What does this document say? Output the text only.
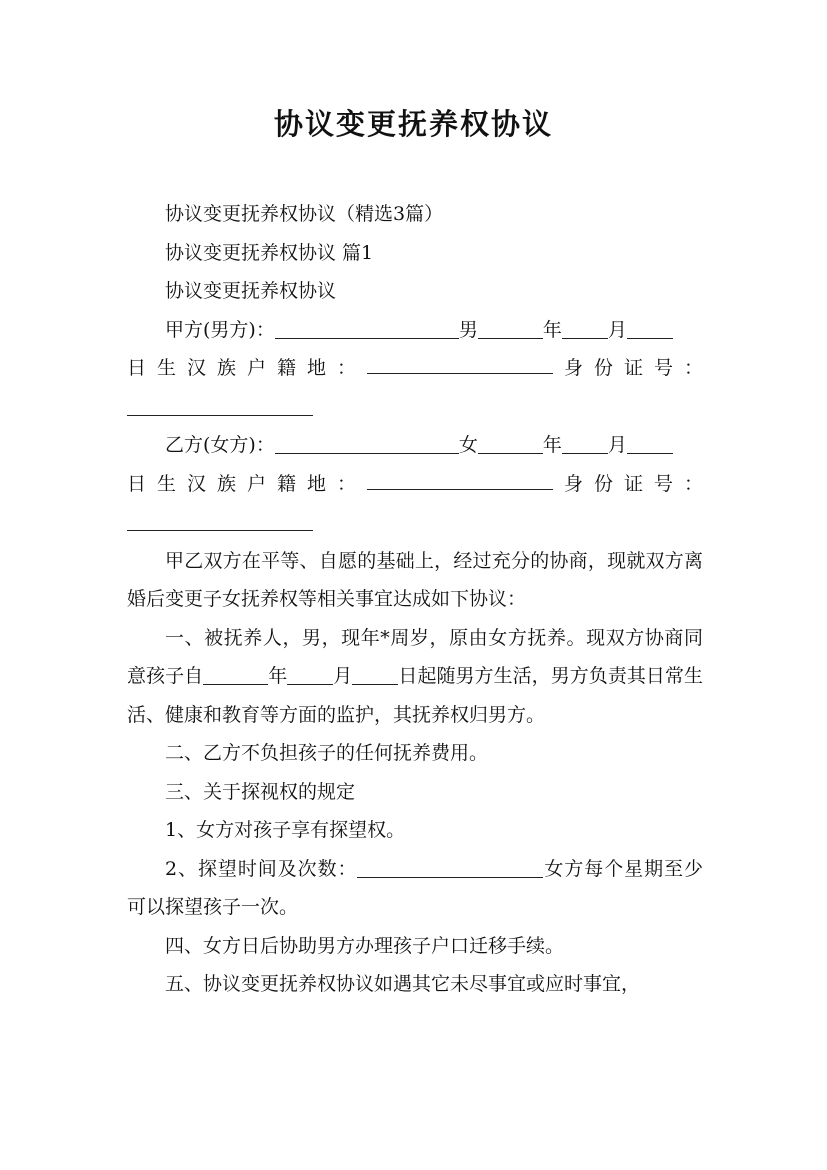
协议变更抚养权协议

协议变更抚养权协议（精选3篇）

协议变更抚养权协议 篇1

协议变更抚养权协议

甲方(男方)：	男	年 月

日 生 汉 族 户 籍 地 ：	身 份 证 号 ：

乙方(女方)：	女	年 月

日 生 汉 族 户 籍 地 ：	身 份 证 号 ：

甲乙双方在平等、自愿的基础上，经过充分的协商，现就双方离婚后变更子女抚养权等相关事宜达成如下协议：

一、被抚养人，男，现年*周岁，原由女方抚养。现双方协商同意孩子自	年 月 日起随男方生活，男方负责其日常生活、健康和教育等方面的监护，其抚养权归男方。

二、乙方不负担孩子的任何抚养费用。

三、关于探视权的规定

1、女方对孩子享有探望权。

2、探望时间及次数：	女方每个星期至少可以探望孩子一次。

四、女方日后协助男方办理孩子户口迁移手续。

五、协议变更抚养权协议如遇其它未尽事宜或应时事宜，
